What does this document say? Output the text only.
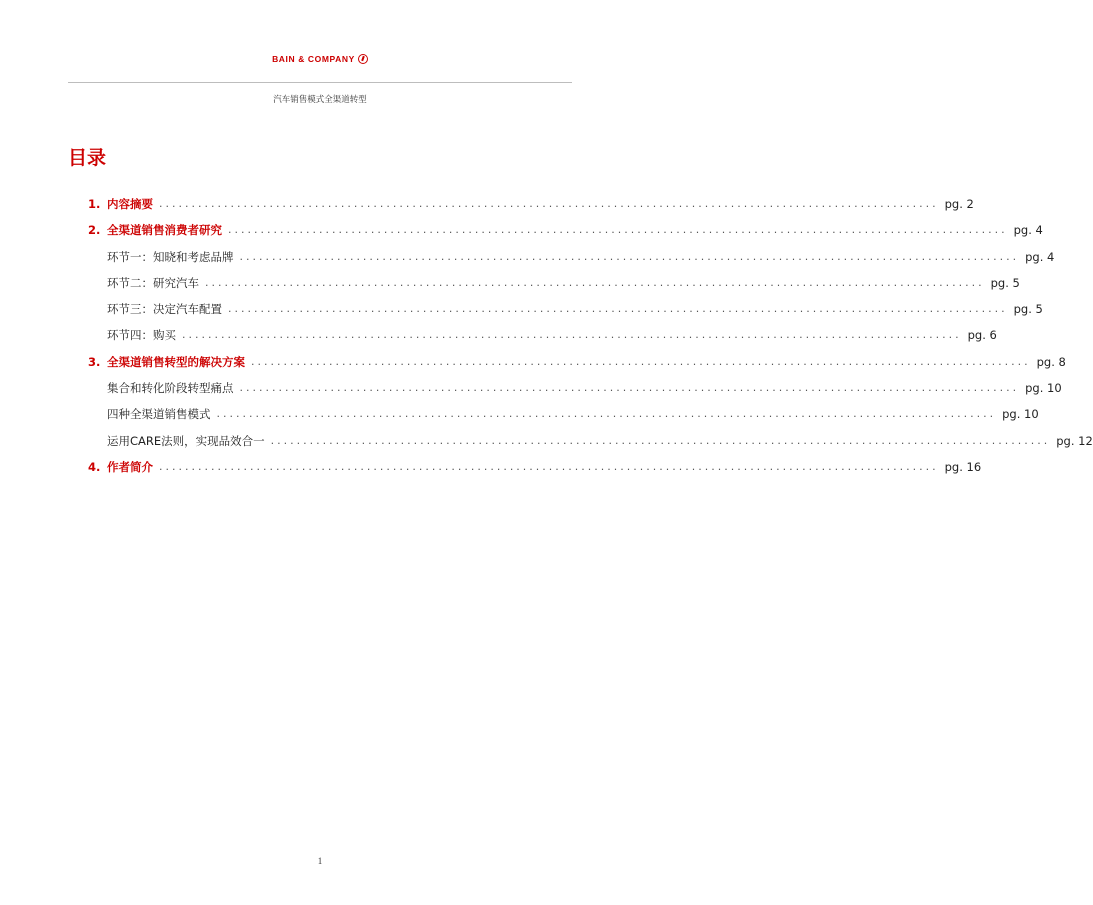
BAIN & COMPANY
汽车销售模式全渠道转型
目录
1. 内容摘要 ........................................................................................................................ pg. 2
2. 全渠道销售消费者研究 ........................................................................................................................ pg. 4
环节一：知晓和考虑品牌 ........................................................................................................................ pg. 4
环节二：研究汽车 ........................................................................................................................ pg. 5
环节三：决定汽车配置 ........................................................................................................................ pg. 5
环节四：购买 ........................................................................................................................ pg. 6
3. 全渠道销售转型的解决方案 ........................................................................................................................ pg. 8
集合和转化阶段转型痛点 ........................................................................................................................ pg. 10
四种全渠道销售模式 ........................................................................................................................ pg. 10
运用CARE法则，实现品效合一 ........................................................................................................................ pg. 12
4. 作者简介 ........................................................................................................................ pg. 16
1
